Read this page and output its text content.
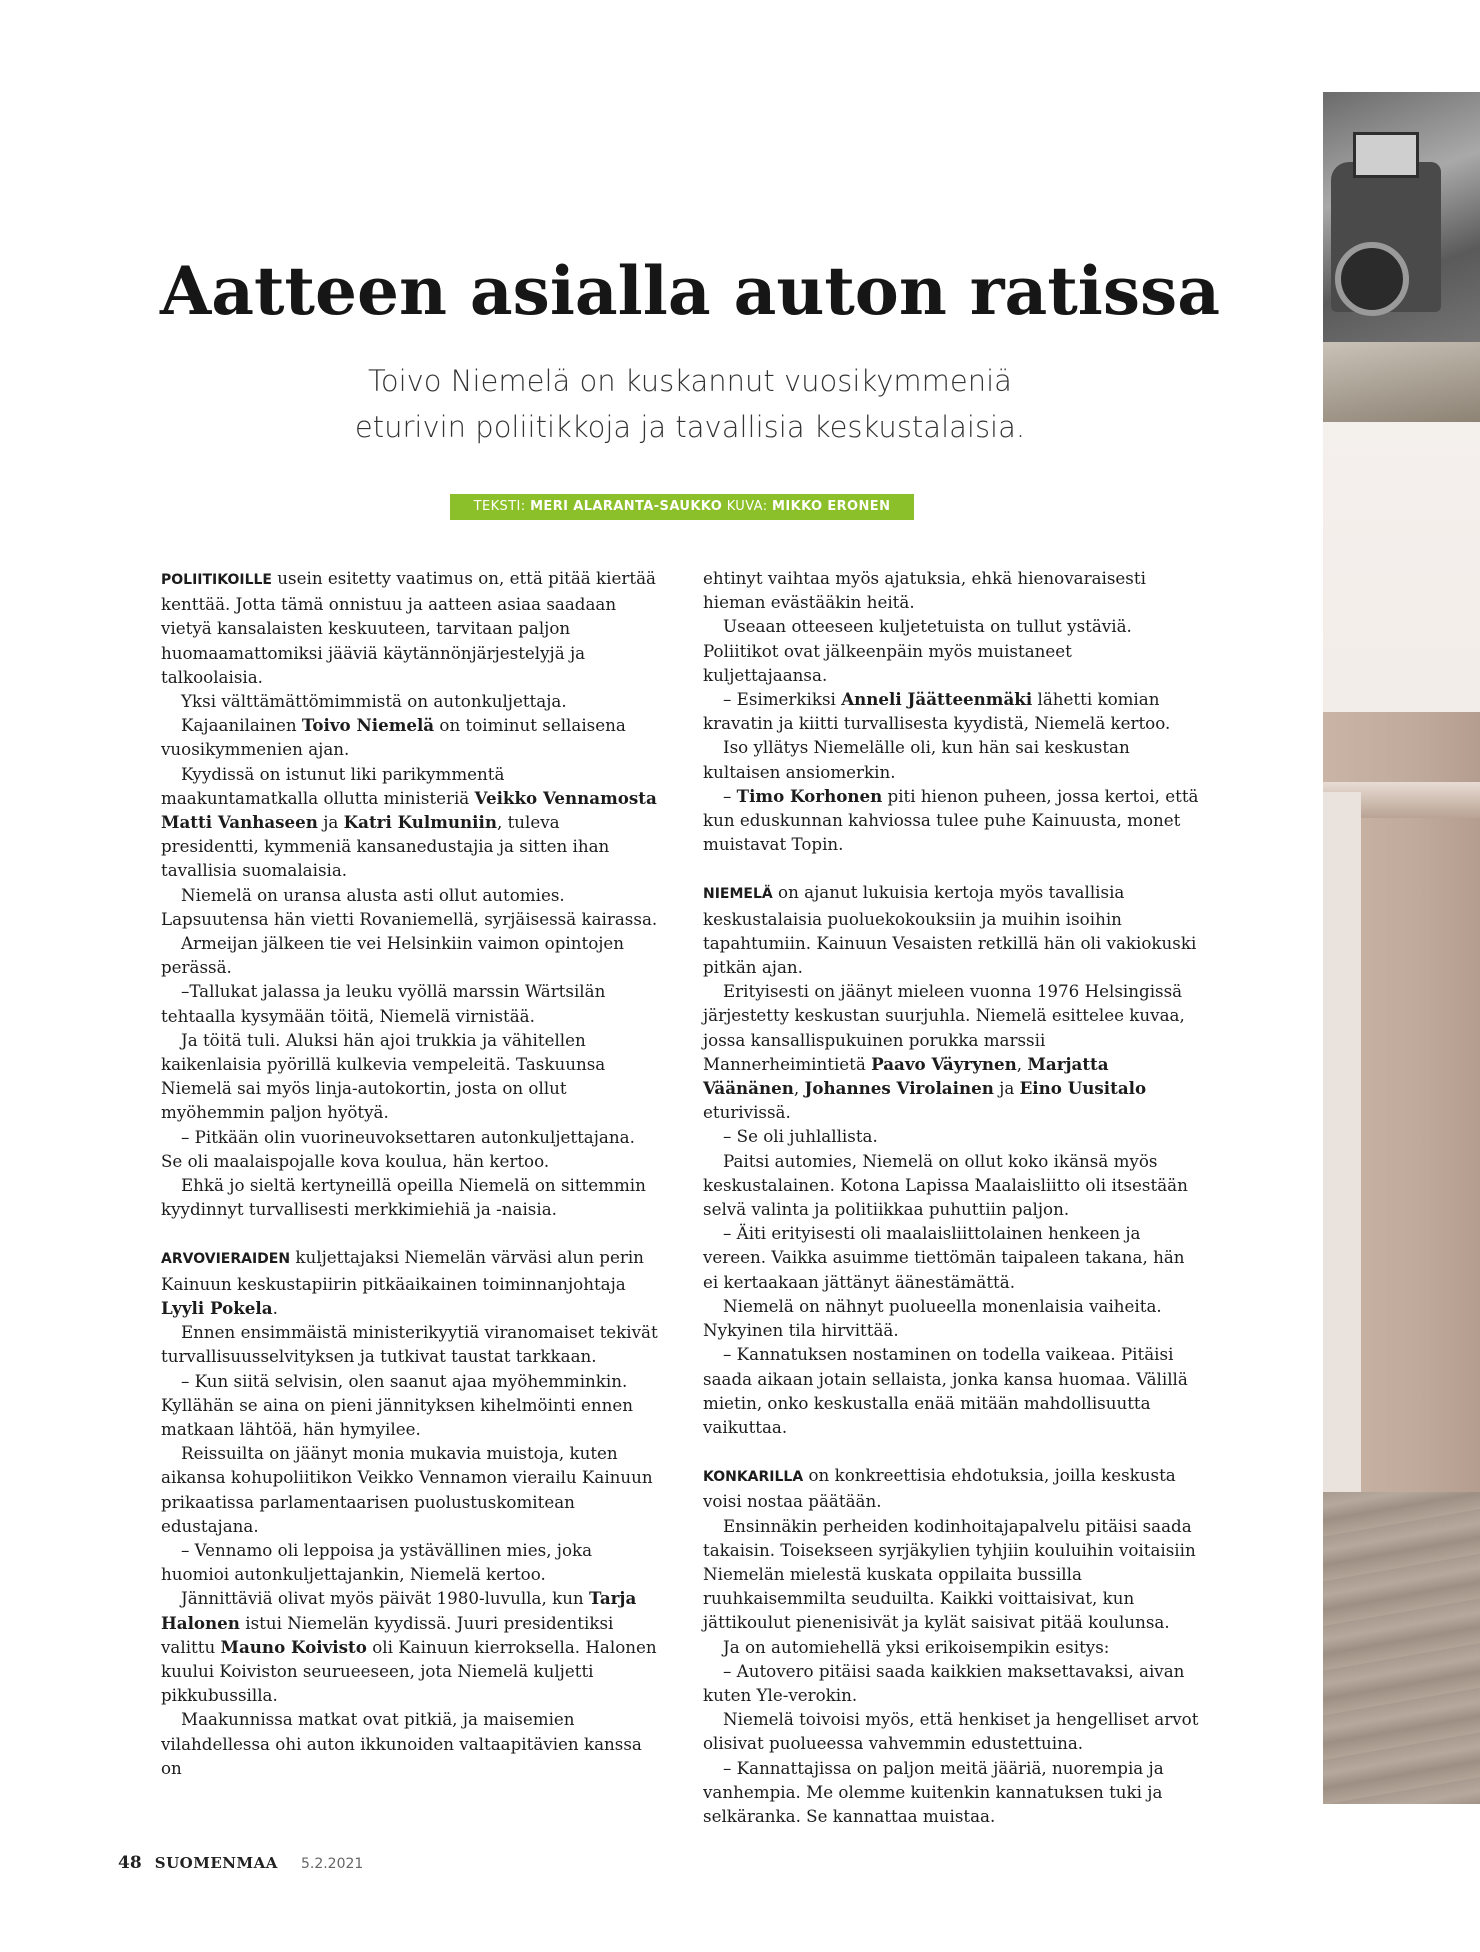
Aatteen asialla auton ratissa
Toivo Niemelä on kuskannut vuosikymmeniä
eturivin poliitikkoja ja tavallisia keskustalaisia.
TEKSTI: MERI ALARANTA-SAUKKO KUVA: MIKKO ERONEN

POLIITIKOILLE usein esitetty vaatimus on, että pitää kiertää kenttää. Jotta tämä onnistuu ja aatteen asiaa saadaan vietyä kansalaisten keskuuteen, tarvitaan paljon huomaamattomiksi jääviä käytännönjärjestelyjä ja talkoolaisia.

Yksi välttämättömimmistä on autonkuljettaja.

Kajaanilainen Toivo Niemelä on toiminut sellaisena vuosikymmenien ajan.

Kyydissä on istunut liki parikymmentä maakuntamatkalla ollutta ministeriä Veikko Vennamosta Matti Vanhaseen ja Katri Kulmuniin, tuleva presidentti, kymmeniä kansanedustajia ja sitten ihan tavallisia suomalaisia.

Niemelä on uransa alusta asti ollut automies. Lapsuutensa hän vietti Rovaniemellä, syrjäisessä kairassa.

Armeijan jälkeen tie vei Helsinkiin vaimon opintojen perässä.

–Tallukat jalassa ja leuku vyöllä marssin Wärtsilän tehtaalla kysymään töitä, Niemelä virnistää.

Ja töitä tuli. Aluksi hän ajoi trukkia ja vähitellen kaikenlaisia pyörillä kulkevia vempeleitä. Taskuunsa Niemelä sai myös linja-autokortin, josta on ollut myöhemmin paljon hyötyä.

– Pitkään olin vuorineuvoksettaren autonkuljettajana. Se oli maalaispojalle kova koulua, hän kertoo.

Ehkä jo sieltä kertyneillä opeilla Niemelä on sittemmin kyydinnyt turvallisesti merkkimiehiä ja -naisia.

ARVOVIERAIDEN kuljettajaksi Niemelän värväsi alun perin Kainuun keskustapiirin pitkäaikainen toiminnanjohtaja Lyyli Pokela.

Ennen ensimmäistä ministerikyytiä viranomaiset tekivät turvallisuusselvityksen ja tutkivat taustat tarkkaan.

– Kun siitä selvisin, olen saanut ajaa myöhemminkin. Kyllähän se aina on pieni jännityksen kihelmöinti ennen matkaan lähtöä, hän hymyilee.

Reissuilta on jäänyt monia mukavia muistoja, kuten aikansa kohupoliitikon Veikko Vennamon vierailu Kainuun prikaatissa parlamentaarisen puolustuskomitean edustajana.

– Vennamo oli leppoisa ja ystävällinen mies, joka huomioi autonkuljettajankin, Niemelä kertoo.

Jännittäviä olivat myös päivät 1980-luvulla, kun Tarja Halonen istui Niemelän kyydissä. Juuri presidentiksi valittu Mauno Koivisto oli Kainuun kierroksella. Halonen kuului Koiviston seurueeseen, jota Niemelä kuljetti pikkubussilla.

Maakunnissa matkat ovat pitkiä, ja maisemien vilahdellessa ohi auton ikkunoiden valtaapitävien kanssa on

ehtinyt vaihtaa myös ajatuksia, ehkä hienovaraisesti hieman evästääkin heitä.

Useaan otteeseen kuljetetuista on tullut ystäviä. Poliitikot ovat jälkeenpäin myös muistaneet kuljettajaansa.

– Esimerkiksi Anneli Jäätteenmäki lähetti komian kravatin ja kiitti turvallisesta kyydistä, Niemelä kertoo.

Iso yllätys Niemelälle oli, kun hän sai keskustan kultaisen ansiomerkin.

– Timo Korhonen piti hienon puheen, jossa kertoi, että kun eduskunnan kahviossa tulee puhe Kainuusta, monet muistavat Topin.

NIEMELÄ on ajanut lukuisia kertoja myös tavallisia keskustalaisia puoluekokouksiin ja muihin isoihin tapahtumiin. Kainuun Vesaisten retkillä hän oli vakiokuski pitkän ajan.

Erityisesti on jäänyt mieleen vuonna 1976 Helsingissä järjestetty keskustan suurjuhla. Niemelä esittelee kuvaa, jossa kansallispukuinen porukka marssii Mannerheimintietä Paavo Väyrynen, Marjatta Väänänen, Johannes Virolainen ja Eino Uusitalo eturivissä.

– Se oli juhlallista.

Paitsi automies, Niemelä on ollut koko ikänsä myös keskustalainen. Kotona Lapissa Maalaisliitto oli itsestään selvä valinta ja politiikkaa puhuttiin paljon.

– Äiti erityisesti oli maalaisliittolainen henkeen ja vereen. Vaikka asuimme tiettömän taipaleen takana, hän ei kertaakaan jättänyt äänestämättä.

Niemelä on nähnyt puolueella monenlaisia vaiheita. Nykyinen tila hirvittää.

– Kannatuksen nostaminen on todella vaikeaa. Pitäisi saada aikaan jotain sellaista, jonka kansa huomaa. Välillä mietin, onko keskustalla enää mitään mahdollisuutta vaikuttaa.

KONKARILLA on konkreettisia ehdotuksia, joilla keskusta voisi nostaa päätään.

Ensinnäkin perheiden kodinhoitajapalvelu pitäisi saada takaisin. Toisekseen syrjäkylien tyhjiin kouluihin voitaisiin Niemelän mielestä kuskata oppilaita bussilla ruuhkaisemmilta seuduilta. Kaikki voittaisivat, kun jättikoulut pienenisivät ja kylät saisivat pitää koulunsa.

Ja on automiehellä yksi erikoisempikin esitys:

– Autovero pitäisi saada kaikkien maksettavaksi, aivan kuten Yle-verokin.

Niemelä toivoisi myös, että henkiset ja hengelliset arvot olisivat puolueessa vahvemmin edustettuina.

– Kannattajissa on paljon meitä jääriä, nuorempia ja vanhempia. Me olemme kuitenkin kannatuksen tuki ja selkäranka. Se kannattaa muistaa.

48 SUOMENMAA 5.2.2021
